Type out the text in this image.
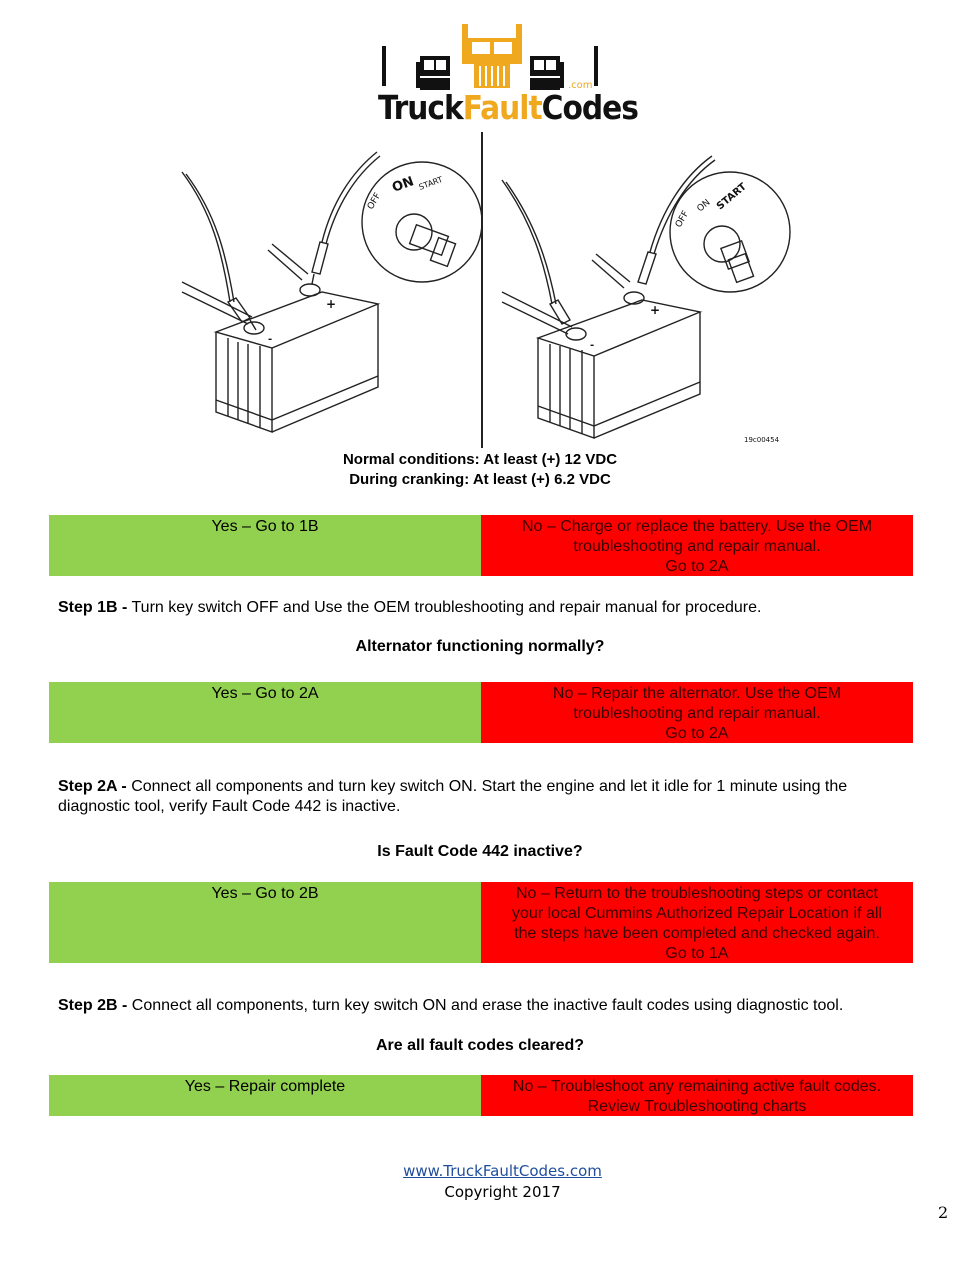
.com
TruckFaultCodes
OFF
ON START
OFF
ON START
-
+
-
+
19c00454
Normal conditions: At least (+) 12 VDC
During cranking: At least (+) 6.2 VDC
Yes – Go to 1B	No – Charge or replace the battery. Use the OEM
troubleshooting and repair manual.
Go to 2A
Step 1B - Turn key switch OFF and Use the OEM troubleshooting and repair manual for procedure.
Alternator functioning normally?
Yes – Go to 2A	No – Repair the alternator. Use the OEM
troubleshooting and repair manual.
Go to 2A
Step 2A - Connect all components and turn key switch ON. Start the engine and let it idle for 1 minute using the diagnostic tool, verify Fault Code 442 is inactive.
Is Fault Code 442 inactive?
Yes – Go to 2B	No – Return to the troubleshooting steps or contact
your local Cummins Authorized Repair Location if all
the steps have been completed and checked again.
Go to 1A
Step 2B - Connect all components, turn key switch ON and erase the inactive fault codes using diagnostic tool.
Are all fault codes cleared?
Yes – Repair complete	No – Troubleshoot any remaining active fault codes.
Review Troubleshooting charts
www.TruckFaultCodes.com
Copyright 2017
2
